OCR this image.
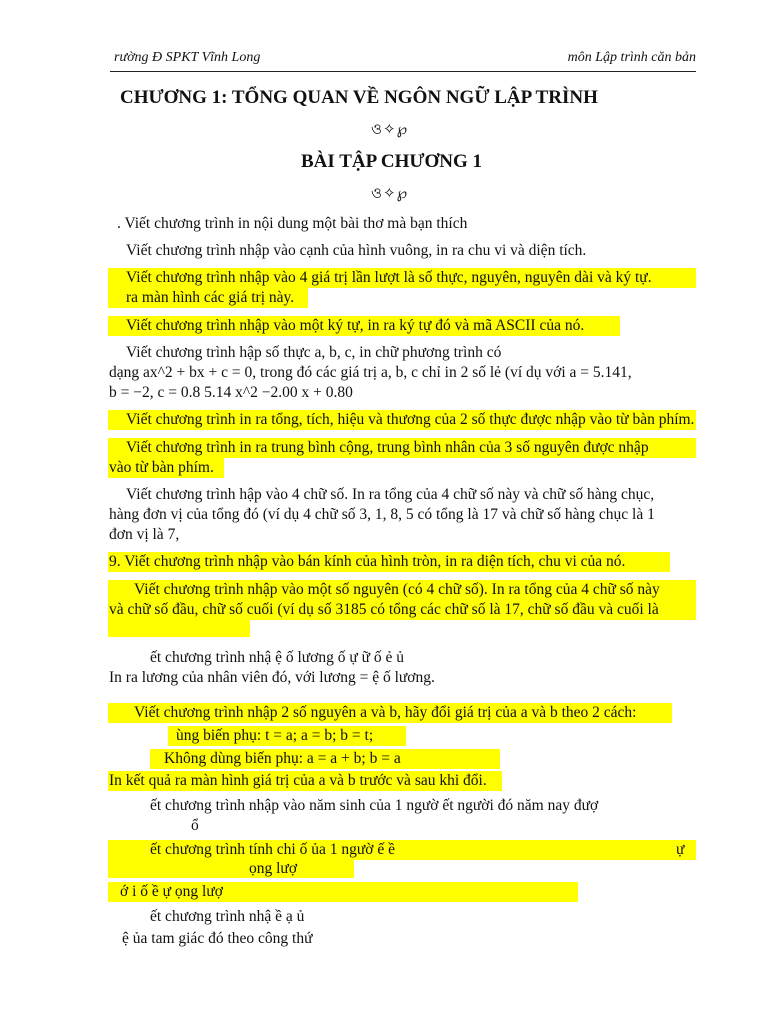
rường Đ SPKT Vĩnh Long	môn Lập trình căn bản
CHƯƠNG 1: TỔNG QUAN VỀ NGÔN NGỮ LẬP TRÌNH
ও✧℘
BÀI TẬP CHƯƠNG 1
ও✧℘
. Viết chương trình in nội dung một bài thơ mà bạn thích
Viết chương trình nhập vào cạnh của hình vuông, in ra chu vi và diện tích.
Viết chương trình nhập vào 4 giá trị lần lượt là số thực, nguyên, nguyên dài và ký tự.
ra màn hình các giá trị này.
Viết chương trình nhập vào một ký tự, in ra ký tự đó và mã ASCII của nó.
Viết chương trình hập số thực a, b, c, in chữ phương trình có
dạng ax^2 + bx + c = 0, trong đó các giá trị a, b, c chỉ in 2 số lẻ (ví dụ với a = 5.141,
b = −2, c = 0.8 5.14 x^2 −2.00 x + 0.80
Viết chương trình in ra tổng, tích, hiệu và thương của 2 số thực được nhập vào từ bàn phím.
Viết chương trình in ra trung bình cộng, trung bình nhân của 3 số nguyên được nhập
vào từ bàn phím.
Viết chương trình hập vào 4 chữ số. In ra tổng của 4 chữ số này và chữ số hàng chục,
hàng đơn vị của tổng đó (ví dụ 4 chữ số 3, 1, 8, 5 có tổng là 17 và chữ số hàng chục là 1
đơn vị là 7,
9. Viết chương trình nhập vào bán kính của hình tròn, in ra diện tích, chu vi của nó.
Viết chương trình nhập vào một số nguyên (có 4 chữ số). In ra tổng của 4 chữ số này
và chữ số đầu, chữ số cuối (ví dụ số 3185 có tổng các chữ số là 17, chữ số đầu và cuối là
ết chương trình nhậ ệ ố lương ố ự ữ ố ẻ ủ
In ra lương của nhân viên đó, với lương = ệ ố lương.
Viết chương trình nhập 2 số nguyên a và b, hãy đổi giá trị của a và b theo 2 cách:
ùng biến phụ: t = a; a = b; b = t;
Không dùng biến phụ: a = a + b; b = a
In kết quả ra màn hình giá trị của a và b trước và sau khi đổi.
ết chương trình nhập vào năm sinh của 1 ngườ ết người đó năm nay đượ
ổ
ết chương trình tính chi ố ủa 1 ngườ ế ề	ự
ọng lượ
ớ i ố ề ự ọng lượ
ết chương trình nhậ ề ạ ủ
ệ ủa tam giác đó theo công thứ
